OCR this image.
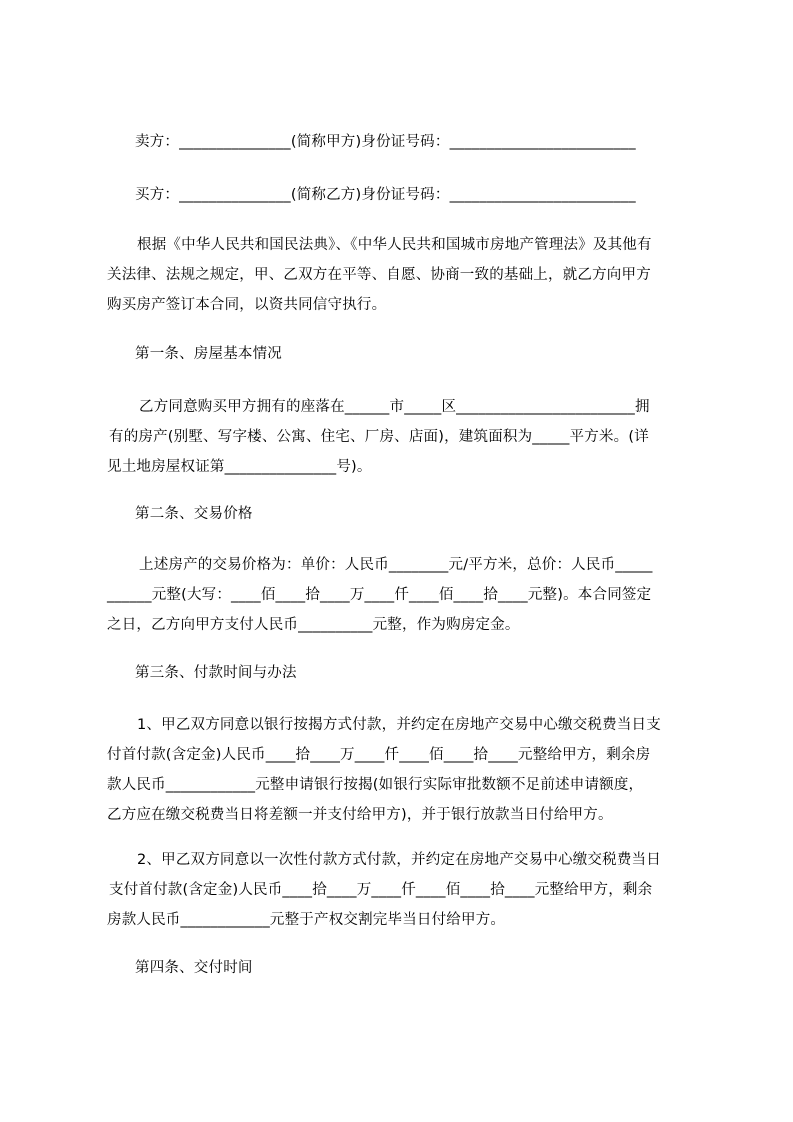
卖方：_______________(简称甲方)身份证号码：_________________________
买方：_______________(简称乙方)身份证号码：_________________________
根据《中华人民共和国民法典》、《中华人民共和国城市房地产管理法》及其他有
关法律、法规之规定，甲、乙双方在平等、自愿、协商一致的基础上，就乙方向甲方
购买房产签订本合同，以资共同信守执行。
第一条、房屋基本情况
乙方同意购买甲方拥有的座落在______市_____区________________________拥
有的房产(别墅、写字楼、公寓、住宅、厂房、店面)，建筑面积为_____平方米。(详
见土地房屋权证第_______________号)。
第二条、交易价格
上述房产的交易价格为：单价：人民币________元/平方米，总价：人民币_____
______元整(大写：____佰____拾____万____仟____佰____拾____元整)。本合同签定
之日，乙方向甲方支付人民币__________元整，作为购房定金。
第三条、付款时间与办法
1、甲乙双方同意以银行按揭方式付款，并约定在房地产交易中心缴交税费当日支
付首付款(含定金)人民币____拾____万____仟____佰____拾____元整给甲方，剩余房
款人民币____________元整申请银行按揭(如银行实际审批数额不足前述申请额度，
乙方应在缴交税费当日将差额一并支付给甲方)，并于银行放款当日付给甲方。
2、甲乙双方同意以一次性付款方式付款，并约定在房地产交易中心缴交税费当日
支付首付款(含定金)人民币____拾____万____仟____佰____拾____元整给甲方，剩余
房款人民币____________元整于产权交割完毕当日付给甲方。
第四条、交付时间
